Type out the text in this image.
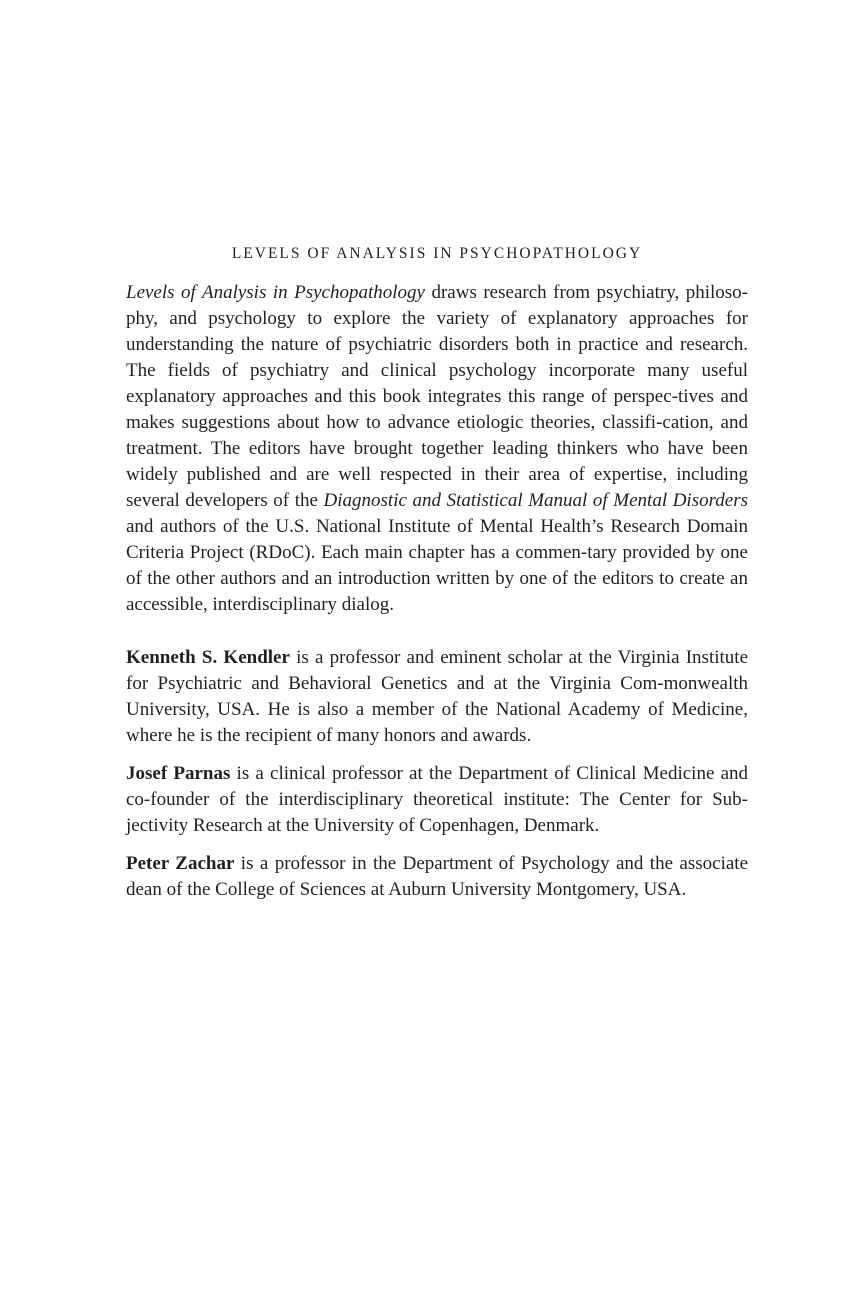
LEVELS OF ANALYSIS IN PSYCHOPATHOLOGY

Levels of Analysis in Psychopathology draws research from psychiatry, philoso-phy, and psychology to explore the variety of explanatory approaches for understanding the nature of psychiatric disorders both in practice and research. The fields of psychiatry and clinical psychology incorporate many useful explanatory approaches and this book integrates this range of perspec-tives and makes suggestions about how to advance etiologic theories, classifi-cation, and treatment. The editors have brought together leading thinkers who have been widely published and are well respected in their area of expertise, including several developers of the Diagnostic and Statistical Manual of Mental Disorders and authors of the U.S. National Institute of Mental Health’s Research Domain Criteria Project (RDoC). Each main chapter has a commen-tary provided by one of the other authors and an introduction written by one of the editors to create an accessible, interdisciplinary dialog.

Kenneth S. Kendler is a professor and eminent scholar at the Virginia Institute for Psychiatric and Behavioral Genetics and at the Virginia Com-monwealth University, USA. He is also a member of the National Academy of Medicine, where he is the recipient of many honors and awards.

Josef Parnas is a clinical professor at the Department of Clinical Medicine and co-founder of the interdisciplinary theoretical institute: The Center for Sub-jectivity Research at the University of Copenhagen, Denmark.

Peter Zachar is a professor in the Department of Psychology and the associate dean of the College of Sciences at Auburn University Montgomery, USA.
